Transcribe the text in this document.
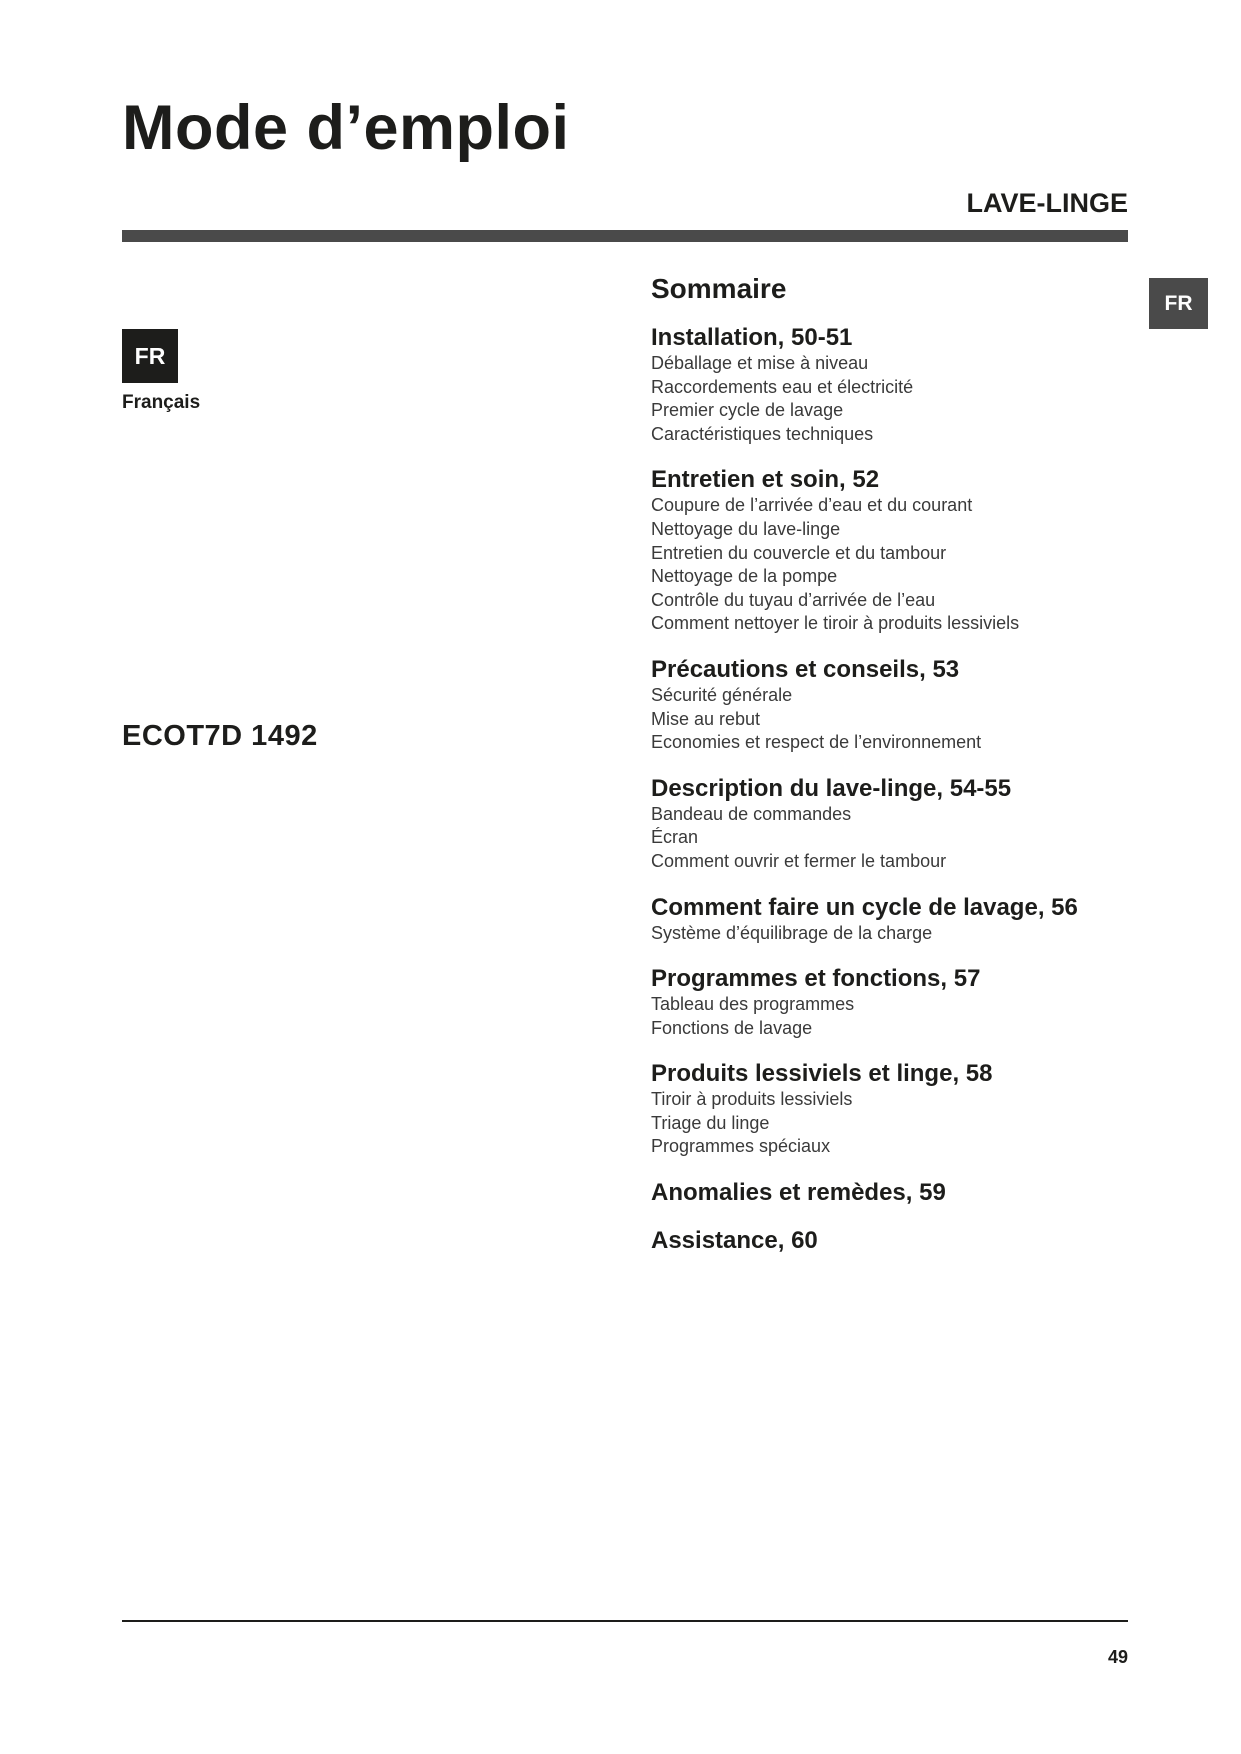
Mode d’emploi
LAVE-LINGE
FR
FR
Français
ECOT7D 1492
Sommaire
Installation, 50-51
Déballage et mise à niveau
Raccordements eau et électricité
Premier cycle de lavage
Caractéristiques techniques
Entretien et soin, 52
Coupure de l’arrivée d’eau et du courant
Nettoyage du lave-linge
Entretien du couvercle et du tambour
Nettoyage de la pompe
Contrôle du tuyau d’arrivée de l’eau
Comment nettoyer le tiroir à produits lessiviels
Précautions et conseils, 53
Sécurité générale
Mise au rebut
Economies et respect de l’environnement
Description du lave-linge, 54-55
Bandeau de commandes
Écran
Comment ouvrir et fermer le tambour
Comment faire un cycle de lavage, 56
Système d’équilibrage de la charge
Programmes et fonctions, 57
Tableau des programmes
Fonctions de lavage
Produits lessiviels et linge, 58
Tiroir à produits lessiviels
Triage du linge
Programmes spéciaux
Anomalies et remèdes, 59
Assistance, 60
49
